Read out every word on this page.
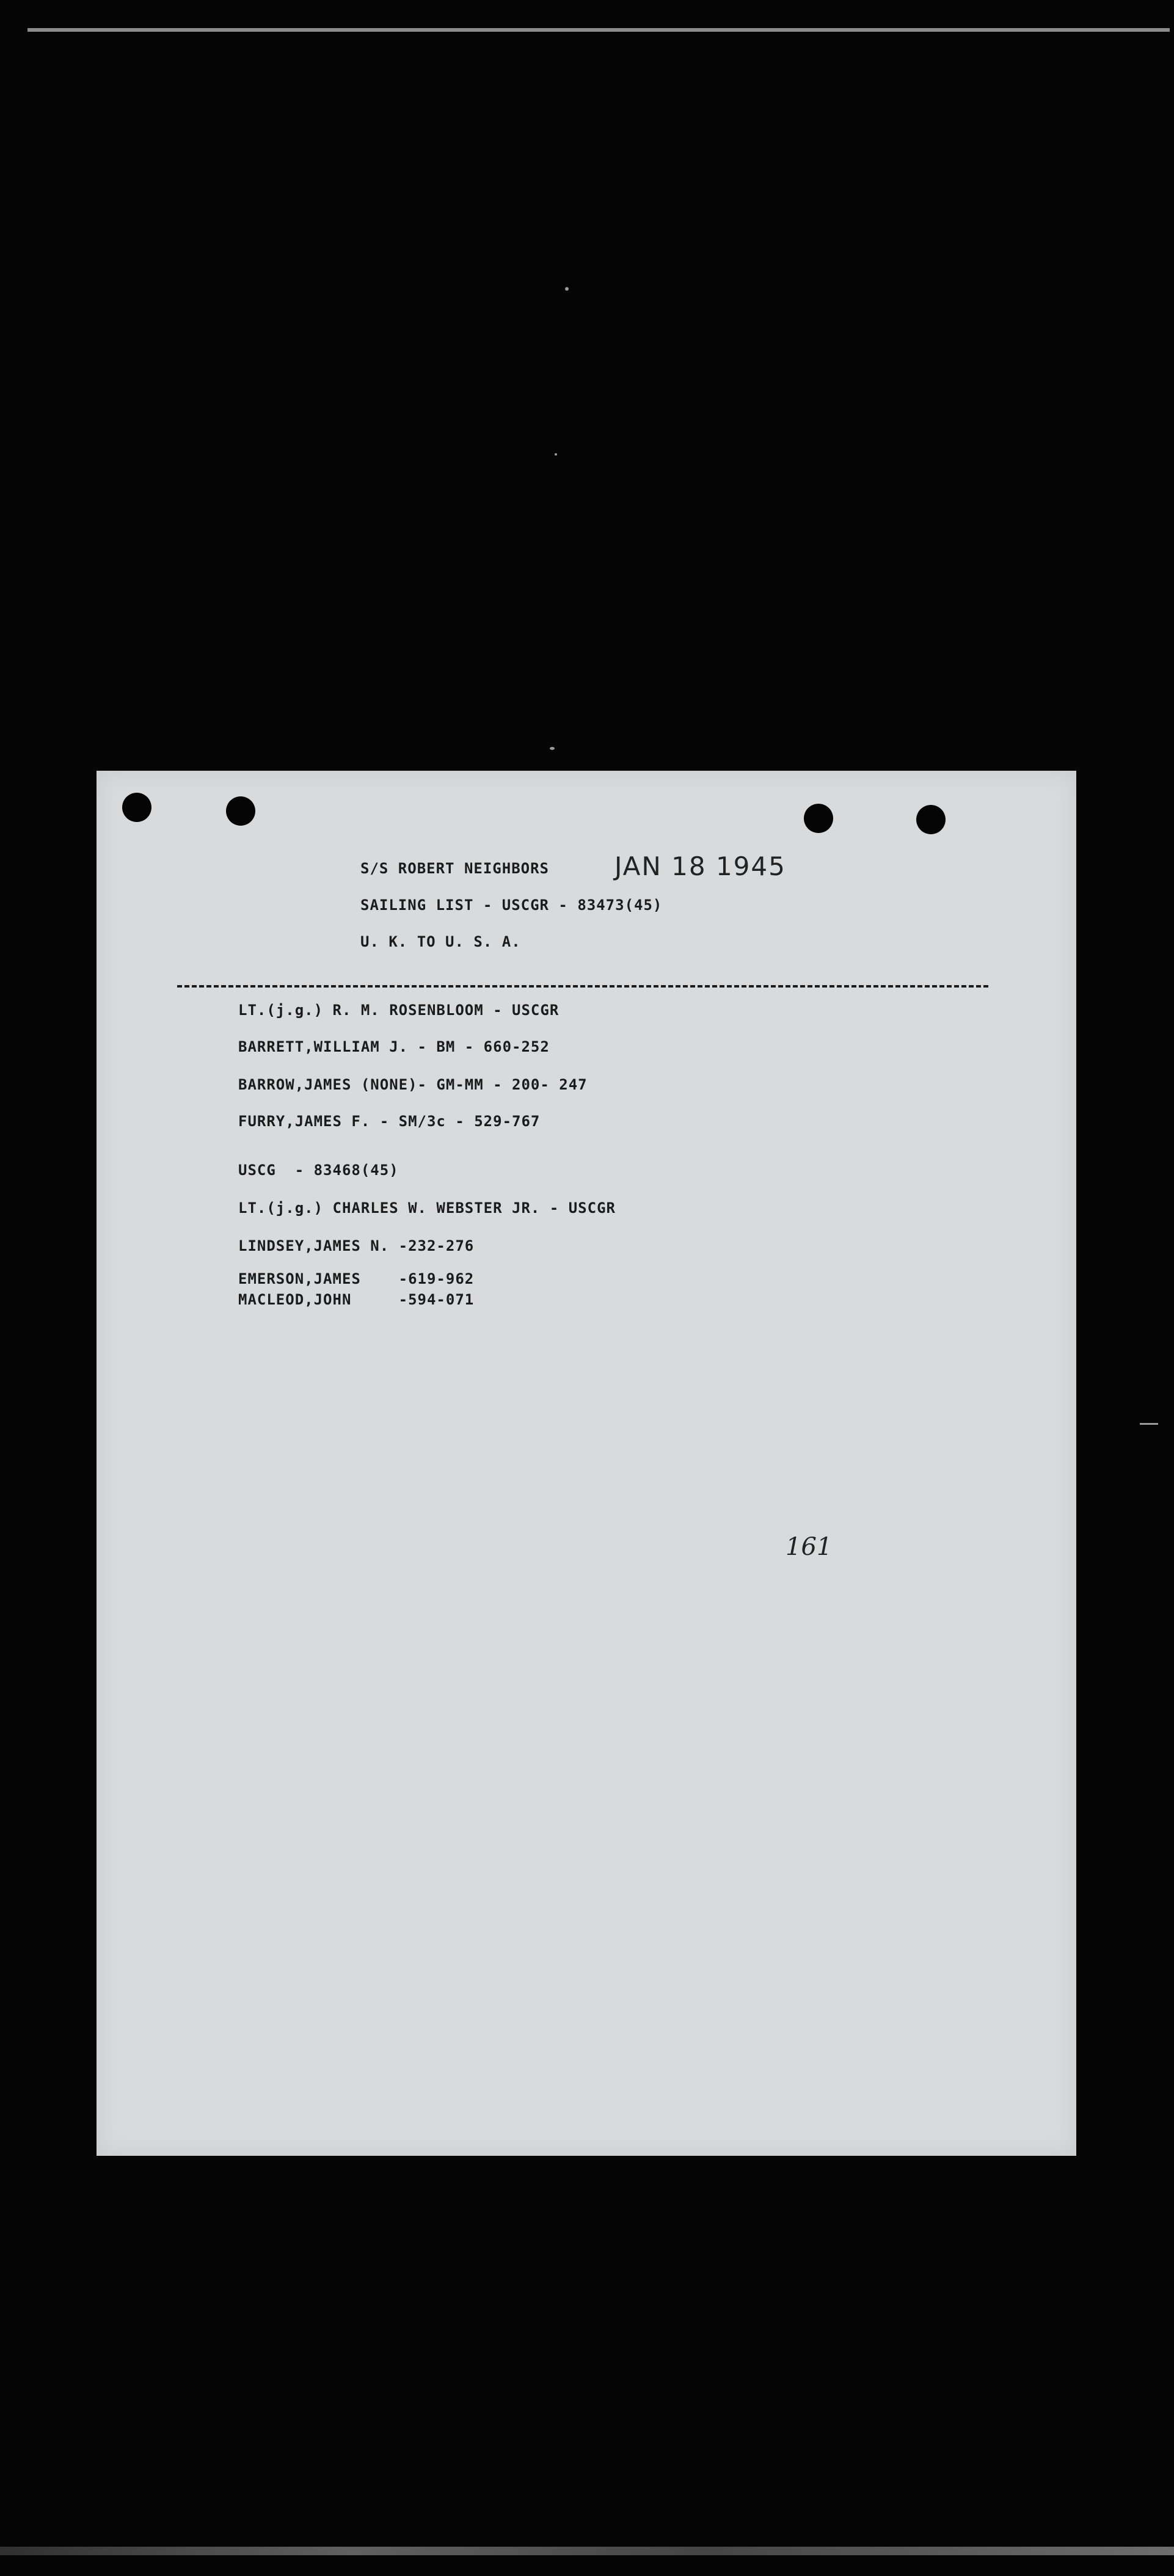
S/S ROBERT NEIGHBORS	JAN 18 1945
SAILING LIST - USCGR - 83473(45)
U. K. TO U. S. A.
LT.(j.g.) R. M. ROSENBLOOM - USCGR
BARRETT,WILLIAM J. - BM - 660-252
BARROW,JAMES (NONE)- GM-MM - 200- 247
FURRY,JAMES F. - SM/3c - 529-767
USCG  - 83468(45)
LT.(j.g.) CHARLES W. WEBSTER JR. - USCGR
LINDSEY,JAMES N. -232-276
EMERSON,JAMES    -619-962
MACLEOD,JOHN     -594-071
161
